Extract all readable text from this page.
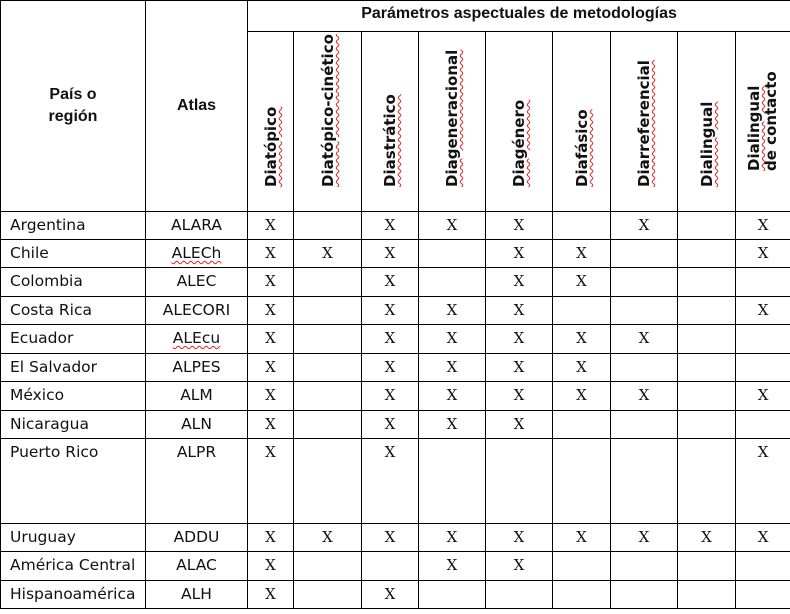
País o región	Atlas	Parámetros aspectuales de metodologías								

		Diatópico	Diatópico-cinético	Diastrático	Diageneracional	Diagénero	Diafásico	Diarreferencial	Dialingual	Dialingual de contacto

Argentina	ALARA	X		X	X	X		X		X
Chile	ALECh	X	X	X		X	X			X
Colombia	ALEC	X		X		X	X			
Costa Rica	ALECORI	X		X	X	X				X
Ecuador	ALEcu	X		X	X	X	X	X		
El Salvador	ALPES	X		X	X	X	X			
México	ALM	X		X	X	X	X	X		X
Nicaragua	ALN	X		X	X	X				
Puerto Rico	ALPR	X		X						X
Uruguay	ADDU	X	X	X	X	X	X	X	X	X
América Central	ALAC	X			X	X				
Hispanoamérica	ALH	X		X						
